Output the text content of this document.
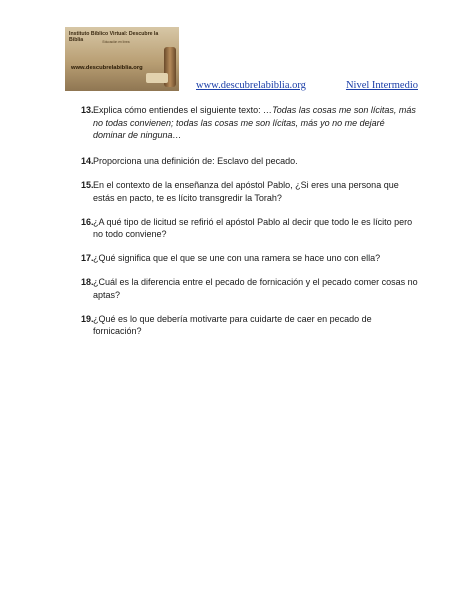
Instituto Bíblico Virtual: Descubre la Biblia	Educación en línea
www.descubrelabiblia.org
www.descubrelabiblia.org	Nivel Intermedio
13. Explica cómo entiendes el siguiente texto: …Todas las cosas me son lícitas, más no todas convienen; todas las cosas me son lícitas, más yo no me dejaré dominar de ninguna…
14. Proporciona una definición de: Esclavo del pecado.
15. En el contexto de la enseñanza del apóstol Pablo, ¿Si eres una persona que estás en pacto, te es lícito transgredir la Torah?
16. ¿A qué tipo de licitud se refirió el apóstol Pablo al decir que todo le es lícito pero no todo conviene?
17. ¿Qué significa que el que se une con una ramera se hace uno con ella?
18. ¿Cuál es la diferencia entre el pecado de fornicación y el pecado comer cosas no aptas?
19. ¿Qué es lo que debería motivarte para cuidarte de caer en pecado de fornicación?
